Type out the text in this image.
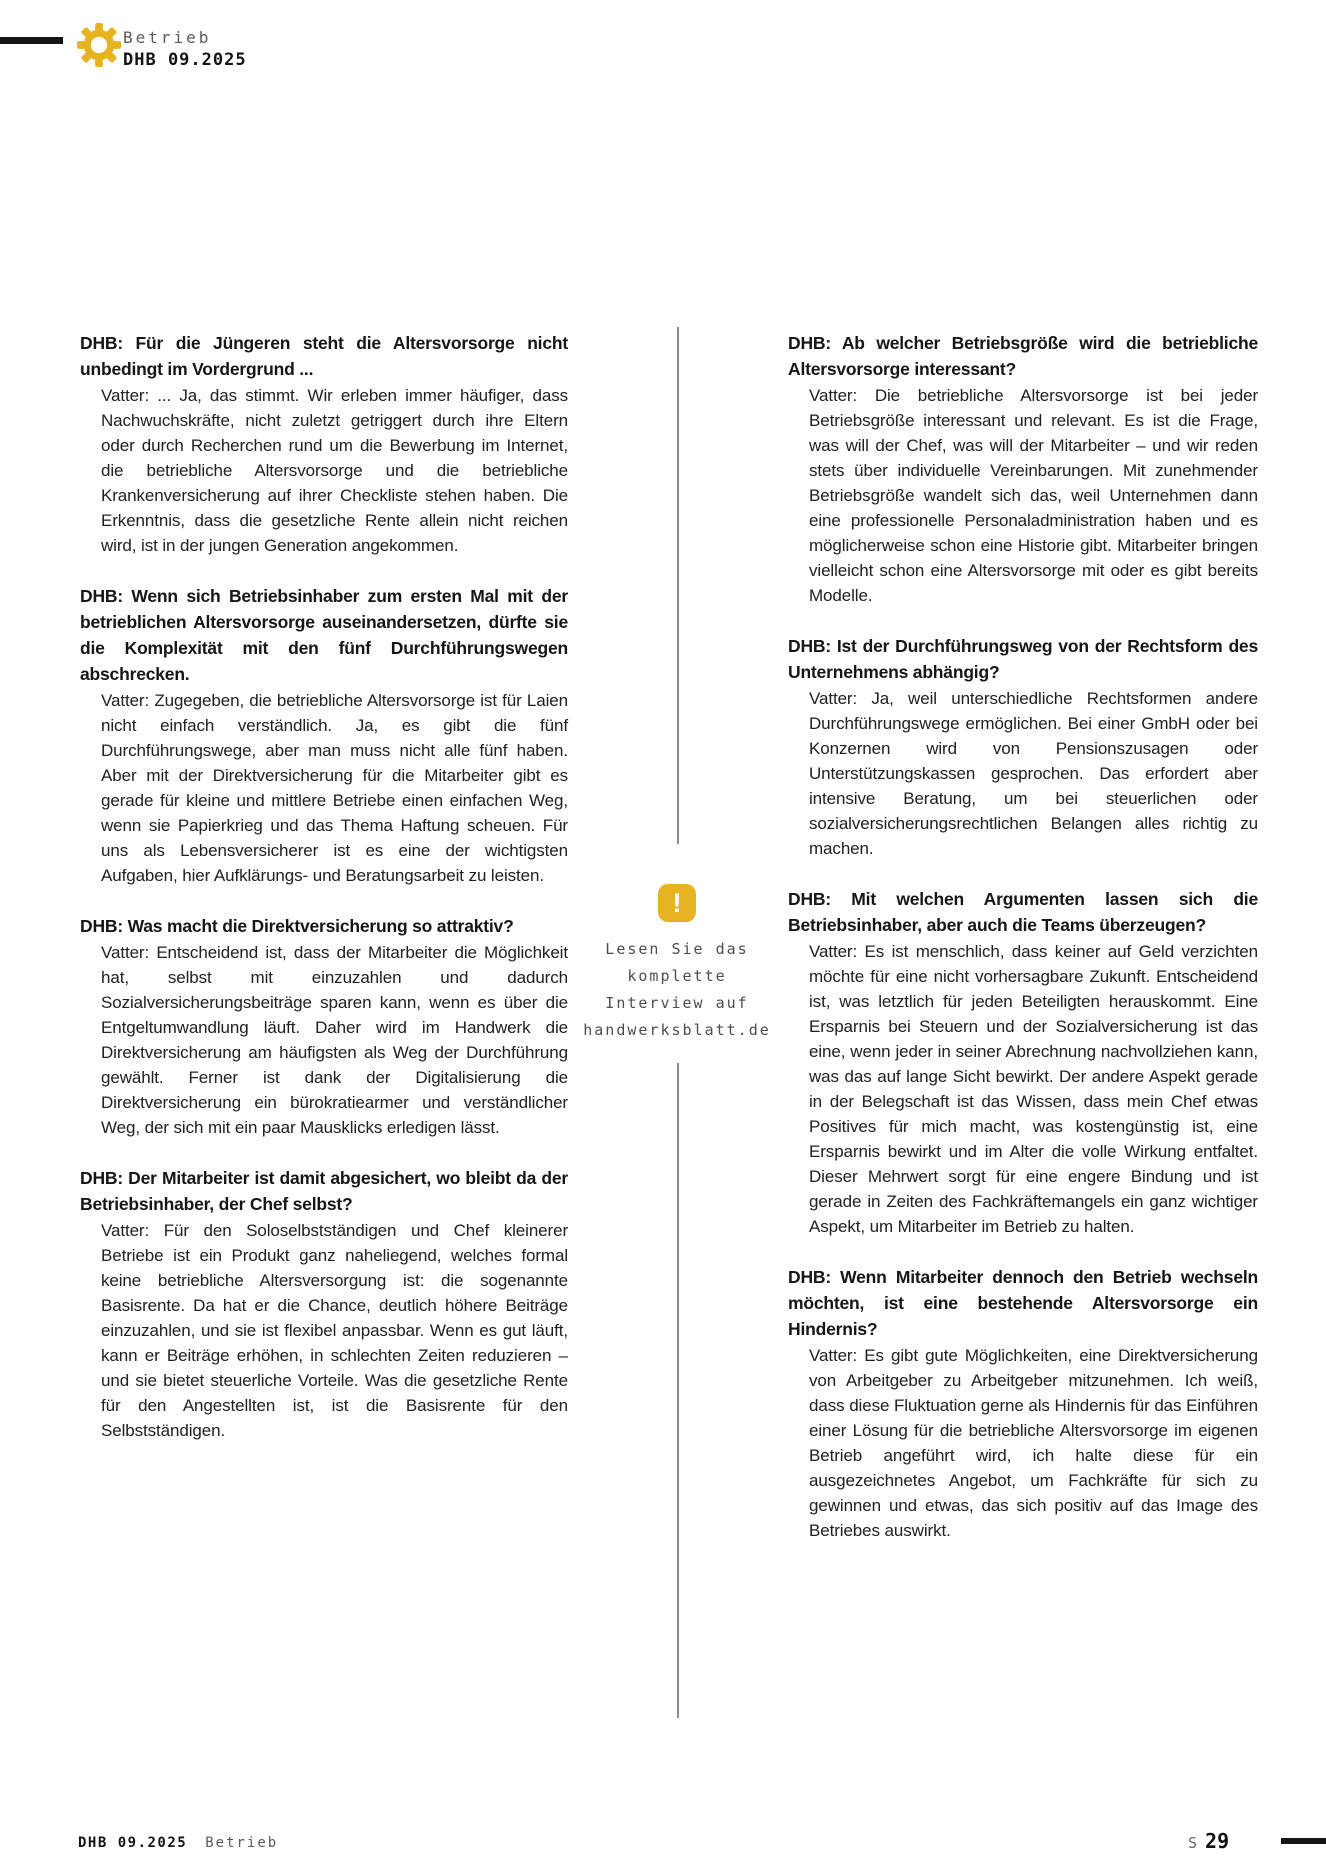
Betrieb
DHB 09.2025
DHB: Für die Jüngeren steht die Altersvorsorge nicht unbedingt im Vordergrund ...
Vatter: ... Ja, das stimmt. Wir erleben immer häufiger, dass Nachwuchskräfte, nicht zuletzt getriggert durch ihre Eltern oder durch Recherchen rund um die Bewerbung im Internet, die betriebliche Altersvorsorge und die betriebliche Krankenversicherung auf ihrer Checkliste stehen haben. Die Erkenntnis, dass die gesetzliche Rente allein nicht reichen wird, ist in der jungen Generation angekommen.
DHB: Wenn sich Betriebsinhaber zum ersten Mal mit der betrieblichen Altersvorsorge auseinandersetzen, dürfte sie die Komplexität mit den fünf Durchführungswegen abschrecken.
Vatter: Zugegeben, die betriebliche Altersvorsorge ist für Laien nicht einfach verständlich. Ja, es gibt die fünf Durchführungswege, aber man muss nicht alle fünf haben. Aber mit der Direktversicherung für die Mitarbeiter gibt es gerade für kleine und mittlere Betriebe einen einfachen Weg, wenn sie Papierkrieg und das Thema Haftung scheuen. Für uns als Lebensversicherer ist es eine der wichtigsten Aufgaben, hier Aufklärungs- und Beratungsarbeit zu leisten.
DHB: Was macht die Direktversicherung so attraktiv?
Vatter: Entscheidend ist, dass der Mitarbeiter die Möglichkeit hat, selbst mit einzuzahlen und dadurch Sozialversicherungsbeiträge sparen kann, wenn es über die Entgeltumwandlung läuft. Daher wird im Handwerk die Direktversicherung am häufigsten als Weg der Durchführung gewählt. Ferner ist dank der Digitalisierung die Direktversicherung ein bürokratiearmer und verständlicher Weg, der sich mit ein paar Mausklicks erledigen lässt.
DHB: Der Mitarbeiter ist damit abgesichert, wo bleibt da der Betriebsinhaber, der Chef selbst?
Vatter: Für den Soloselbstständigen und Chef kleinerer Betriebe ist ein Produkt ganz naheliegend, welches formal keine betriebliche Altersversorgung ist: die sogenannte Basisrente. Da hat er die Chance, deutlich höhere Beiträge einzuzahlen, und sie ist flexibel anpassbar. Wenn es gut läuft, kann er Beiträge erhöhen, in schlechten Zeiten reduzieren – und sie bietet steuerliche Vorteile. Was die gesetzliche Rente für den Angestellten ist, ist die Basisrente für den Selbstständigen.
!
Lesen Sie das
komplette
Interview auf
handwerksblatt.de
DHB: Ab welcher Betriebsgröße wird die betriebliche Altersvorsorge interessant?
Vatter: Die betriebliche Altersvorsorge ist bei jeder Betriebsgröße interessant und relevant. Es ist die Frage, was will der Chef, was will der Mitarbeiter – und wir reden stets über individuelle Vereinbarungen. Mit zunehmender Betriebsgröße wandelt sich das, weil Unternehmen dann eine professionelle Personaladministration haben und es möglicherweise schon eine Historie gibt. Mitarbeiter bringen vielleicht schon eine Altersvorsorge mit oder es gibt bereits Modelle.
DHB: Ist der Durchführungsweg von der Rechtsform des Unternehmens abhängig?
Vatter: Ja, weil unterschiedliche Rechtsformen andere Durchführungswege ermöglichen. Bei einer GmbH oder bei Konzernen wird von Pensionszusagen oder Unterstützungskassen gesprochen. Das erfordert aber intensive Beratung, um bei steuerlichen oder sozialversicherungsrechtlichen Belangen alles richtig zu machen.
DHB: Mit welchen Argumenten lassen sich die Betriebsinhaber, aber auch die Teams überzeugen?
Vatter: Es ist menschlich, dass keiner auf Geld verzichten möchte für eine nicht vorhersagbare Zukunft. Entscheidend ist, was letztlich für jeden Beteiligten herauskommt. Eine Ersparnis bei Steuern und der Sozialversicherung ist das eine, wenn jeder in seiner Abrechnung nachvollziehen kann, was das auf lange Sicht bewirkt. Der andere Aspekt gerade in der Belegschaft ist das Wissen, dass mein Chef etwas Positives für mich macht, was kostengünstig ist, eine Ersparnis bewirkt und im Alter die volle Wirkung entfaltet. Dieser Mehrwert sorgt für eine engere Bindung und ist gerade in Zeiten des Fachkräftemangels ein ganz wichtiger Aspekt, um Mitarbeiter im Betrieb zu halten.
DHB: Wenn Mitarbeiter dennoch den Betrieb wechseln möchten, ist eine bestehende Altersvorsorge ein Hindernis?
Vatter: Es gibt gute Möglichkeiten, eine Direktversicherung von Arbeitgeber zu Arbeitgeber mitzunehmen. Ich weiß, dass diese Fluktuation gerne als Hindernis für das Einführen einer Lösung für die betriebliche Altersvorsorge im eigenen Betrieb angeführt wird, ich halte diese für ein ausgezeichnetes Angebot, um Fachkräfte für sich zu gewinnen und etwas, das sich positiv auf das Image des Betriebes auswirkt.
DHB 09.2025 Betrieb	S 29
